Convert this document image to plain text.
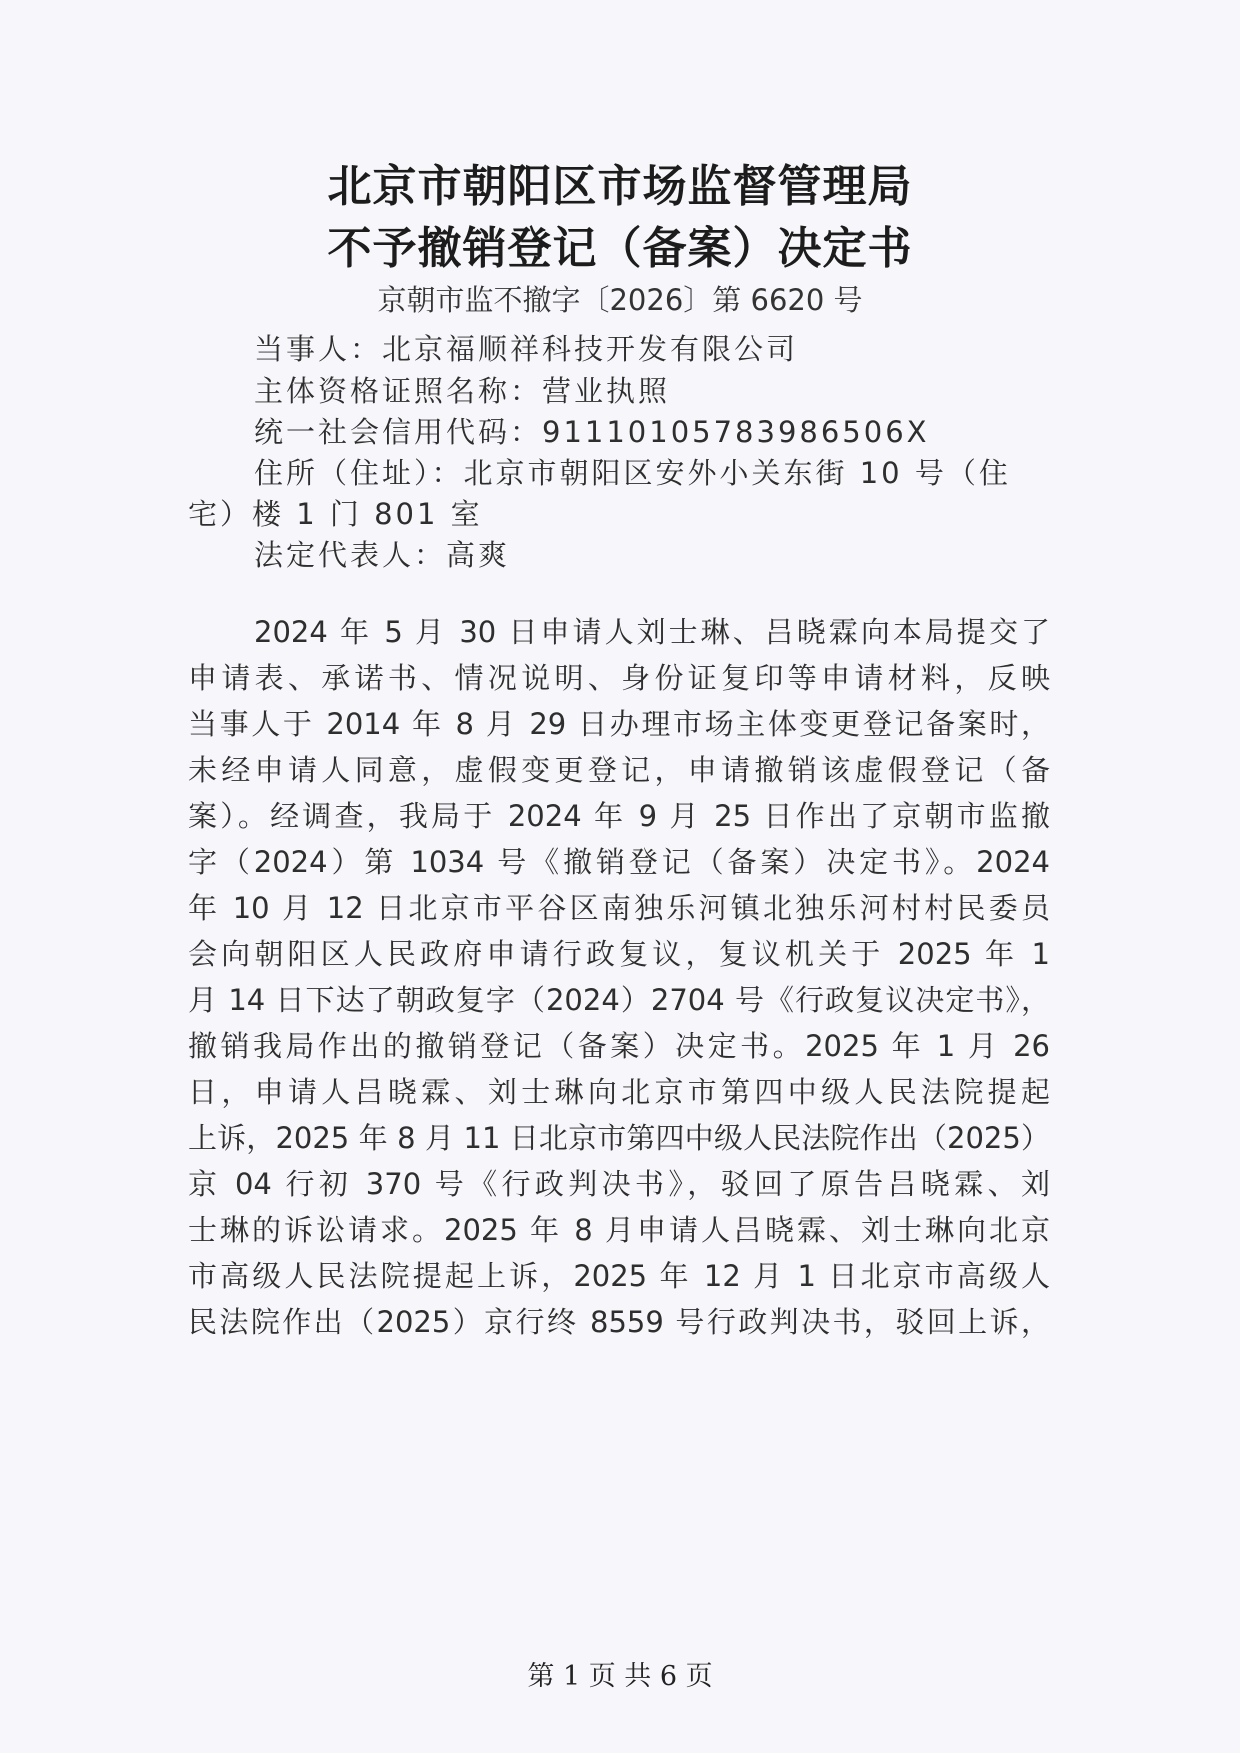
北京市朝阳区市场监督管理局
不予撤销登记（备案）决定书
京朝市监不撤字〔2026〕第 6620 号
当事人：北京福顺祥科技开发有限公司
主体资格证照名称：营业执照
统一社会信用代码：91110105783986506X
住所（住址）：北京市朝阳区安外小关东街 10 号（住
宅）楼 1 门 801 室
法定代表人：高爽
2024 年 5 月 30 日申请人刘士琳、吕晓霖向本局提交了
申请表、承诺书、情况说明、身份证复印等申请材料，反映
当事人于 2014 年 8 月 29 日办理市场主体变更登记备案时，
未经申请人同意，虚假变更登记，申请撤销该虚假登记（备
案）。经调查，我局于 2024 年 9 月 25 日作出了京朝市监撤
字（2024）第 1034 号《撤销登记（备案）决定书》。2024
年 10 月 12 日北京市平谷区南独乐河镇北独乐河村村民委员
会向朝阳区人民政府申请行政复议，复议机关于 2025 年 1
月 14 日下达了朝政复字（2024）2704 号《行政复议决定书》，
撤销我局作出的撤销登记（备案）决定书。2025 年 1 月 26
日，申请人吕晓霖、刘士琳向北京市第四中级人民法院提起
上诉，2025 年 8 月 11 日北京市第四中级人民法院作出（2025）
京 04 行初 370 号《行政判决书》，驳回了原告吕晓霖、刘
士琳的诉讼请求。2025 年 8 月申请人吕晓霖、刘士琳向北京
市高级人民法院提起上诉，2025 年 12 月 1 日北京市高级人
民法院作出（2025）京行终 8559 号行政判决书，驳回上诉，
第 1 页 共 6 页
